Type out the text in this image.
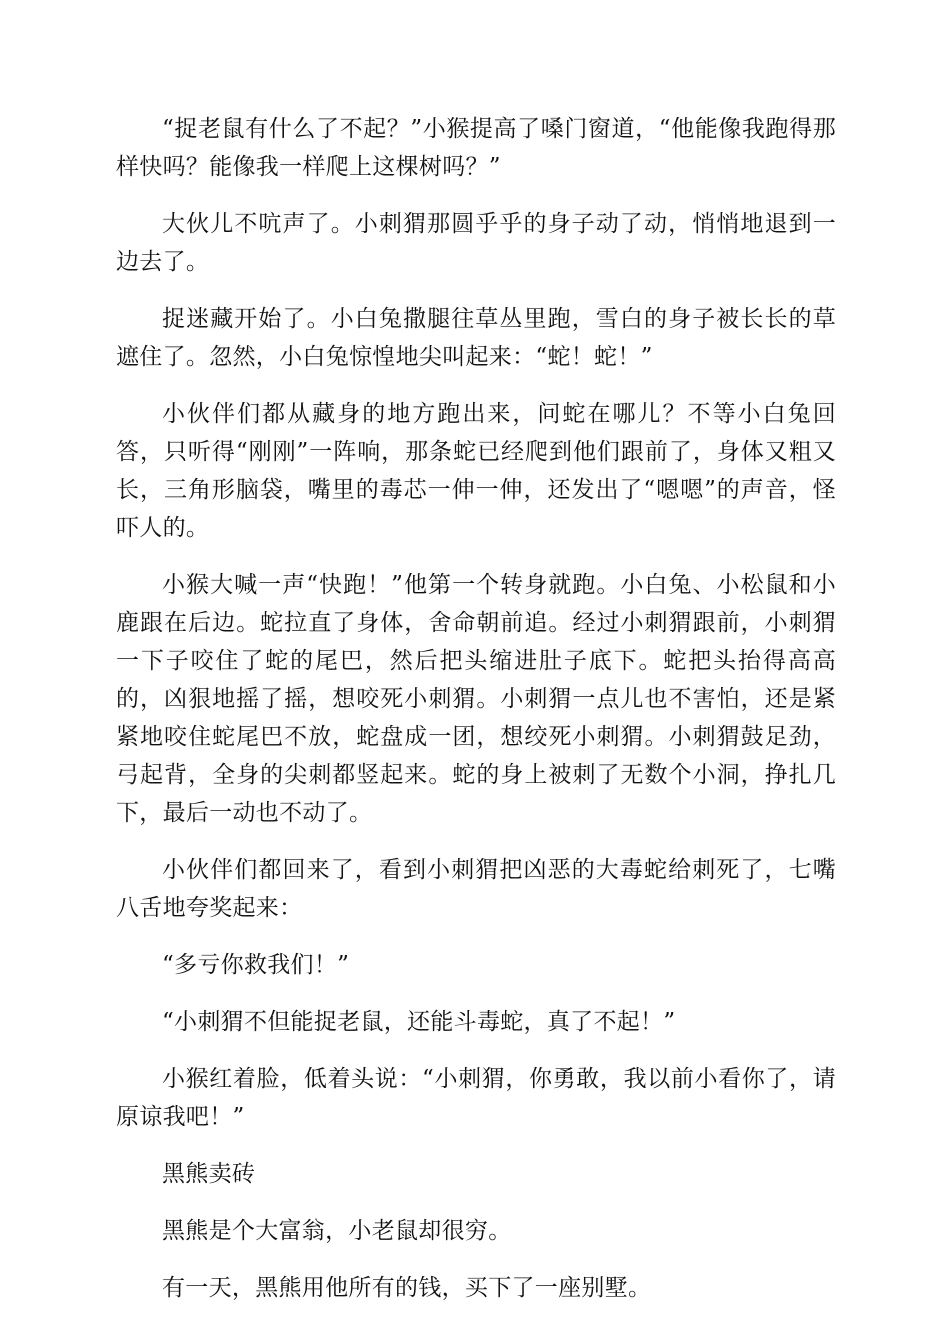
“捉老鼠有什么了不起？”小猴提高了嗓门窗道，“他能像我跑得那样快吗？能像我一样爬上这棵树吗？”

大伙儿不吭声了。小刺猬那圆乎乎的身子动了动，悄悄地退到一边去了。

捉迷藏开始了。小白兔撒腿往草丛里跑，雪白的身子被长长的草遮住了。忽然，小白兔惊惶地尖叫起来：“蛇！蛇！”

小伙伴们都从藏身的地方跑出来，问蛇在哪儿？不等小白兔回答，只听得“刚刚”一阵响，那条蛇已经爬到他们跟前了，身体又粗又长，三角形脑袋，嘴里的毒芯一伸一伸，还发出了“嗯嗯”的声音，怪吓人的。

小猴大喊一声“快跑！”他第一个转身就跑。小白兔、小松鼠和小鹿跟在后边。蛇拉直了身体，舍命朝前追。经过小刺猬跟前，小刺猬一下子咬住了蛇的尾巴，然后把头缩进肚子底下。蛇把头抬得高高的，凶狠地摇了摇，想咬死小刺猬。小刺猬一点儿也不害怕，还是紧紧地咬住蛇尾巴不放，蛇盘成一团，想绞死小刺猬。小刺猬鼓足劲，弓起背，全身的尖刺都竖起来。蛇的身上被刺了无数个小洞，挣扎几下，最后一动也不动了。

小伙伴们都回来了，看到小刺猬把凶恶的大毒蛇给刺死了，七嘴八舌地夸奖起来：

“多亏你救我们！”

“小刺猬不但能捉老鼠，还能斗毒蛇，真了不起！”

小猴红着脸，低着头说：“小刺猬，你勇敢，我以前小看你了，请原谅我吧！”

黑熊卖砖

黑熊是个大富翁，小老鼠却很穷。

有一天，黑熊用他所有的钱，买下了一座别墅。
